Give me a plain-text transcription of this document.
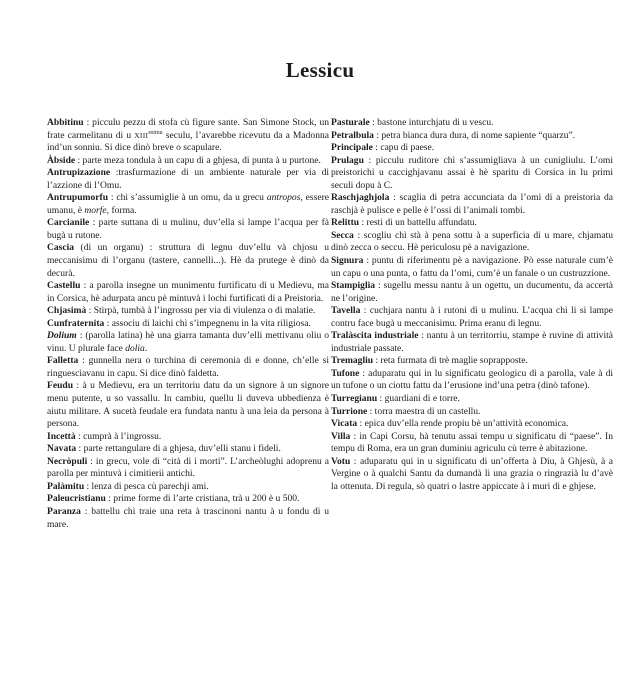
Lessicu

Abbitinu : picculu pezzu di stofa cù figure sante. San Simone Stock, un frate carmelitanu di u $XIII^{esimu}$ seculu, l’avarebbe ricevutu da a Madonna ind’un sonniu. Si dice dinò breve o scapulare.

Àbside : parte meza tondula à un capu di a ghjesa, di punta à u purtone.

Antrupizazione :trasfurmazione di un ambiente naturale per via di l’azzione di l’Omu.

Antrupumorfu : chì s’assumiglie à un omu, da u grecu antropos, essere umanu, è morfe, forma.

Carcianile : parte suttana di u mulinu, duv’ella si lampe l’acqua per fà bugà u rutone.

Cascia (di un organu) : struttura di legnu duv’ellu và chjosu u meccanisimu di l’organu (tastere, cannelli...). Hè da prutege è dinò da decurà.

Castellu : a parolla insegne un munimentu furtificatu di u Medievu, ma in Corsica, hè adurpata ancu pè mintuvà i lochi furtificati di a Preistoria.

Chjasimà : Stirpà, tumbà à l’ingrossu per via di viulenza o di malatie.

Cunfraternita : associu di laichi chì s’impegnenu in la vita riligiosa.

Dolium : (parolla latina) hè una giarra tamanta duv’elli mettivanu oliu o vinu. U plurale face dolia.

Falletta : gunnella nera o turchina di ceremonia di e donne, ch’elle si ringuesciavanu in capu. Si dice dinò faldetta.

Feudu : à u Medievu, era un territoriu datu da un signore à un signore menu putente, u so vassallu. In cambiu, quellu li duveva ubbedienza è aiutu militare. A sucetà feudale era fundata nantu à una leia da persona à persona.

Incettà : cumprà à l’ingrossu.

Navata : parte rettangulare di a ghjesa, duv’elli stanu i fideli.

Necròpuli : in grecu, vole di “cità di i morti”. L’archeòlughi adoprenu a parolla per mintuvà i cimitierii antichi.

Palàmitu : lenza di pesca cù parechji ami.

Paleucristianu : prime forme di l’arte cristiana, trà u 200 è u 500.

Paranza : battellu chì traie una reta à trascinoni nantu à u fondu di u mare.

Pasturale : bastone inturchjatu di u vescu.

Petralbula : petra bianca dura dura, di nome sapiente “quarzu”.

Principale : capu di paese.

Prulagu : picculu ruditore chì s’assumigliava à un cunigliulu. L’omi preistorichi u caccighjavanu assai è hè sparitu di Corsica in lu primi seculi dopu à C.

Raschjaghjola : scaglia di petra accunciata da l’omi di a preistoria da raschjà è pulisce e pelle è l’ossi di l’animali tombi.

Relittu : resti di un battellu affundatu.

Secca : scogliu chì stà à pena sottu à a superficia di u mare, chjamatu dinò zecca o seccu. Hè periculosu pè a navigazione.

Signura : puntu di riferimentu pè a navigazione. Pò esse naturale cum’è un capu o una punta, o fattu da l’omi, cum’è un fanale o un custruzzione.

Stampiglia : sugellu messu nantu à un ogettu, un ducumentu, da accertà ne l’origine.

Tavella : cuchjara nantu à i rutoni di u mulinu. L’acqua chì li si lampe contru face bugà u meccanisimu. Prima eranu di legnu.

Tralàscita industriale : nantu à un territorriu, stampe è ruvine di attività industriale passate.

Tremagliu : reta furmata di trè maglie soprapposte.

Tufone : aduparatu qui in lu significatu geologicu di a parolla, vale à di un tufone o un ciottu fattu da l’erusione ind’una petra (dinò tafone).

Turregianu : guardiani di e torre.

Turrione : torra maestra di un castellu.

Vicata : epica duv’ella rende propiu bè un’attività economica.

Villa : in Capi Corsu, hà tenutu assai tempu u significatu di “paese”. In tempu di Roma, era un gran duminiu agriculu cù terre è abitazione.

Votu : aduparatu qui in u significatu di un’offerta à Diu, à Ghjesù, à a Vergine o à qualchi Santu da dumandà li una grazia o ringrazià lu d’avè la ottenuta. Di regula, sò quatri o lastre appiccate à i muri di e ghjese.
